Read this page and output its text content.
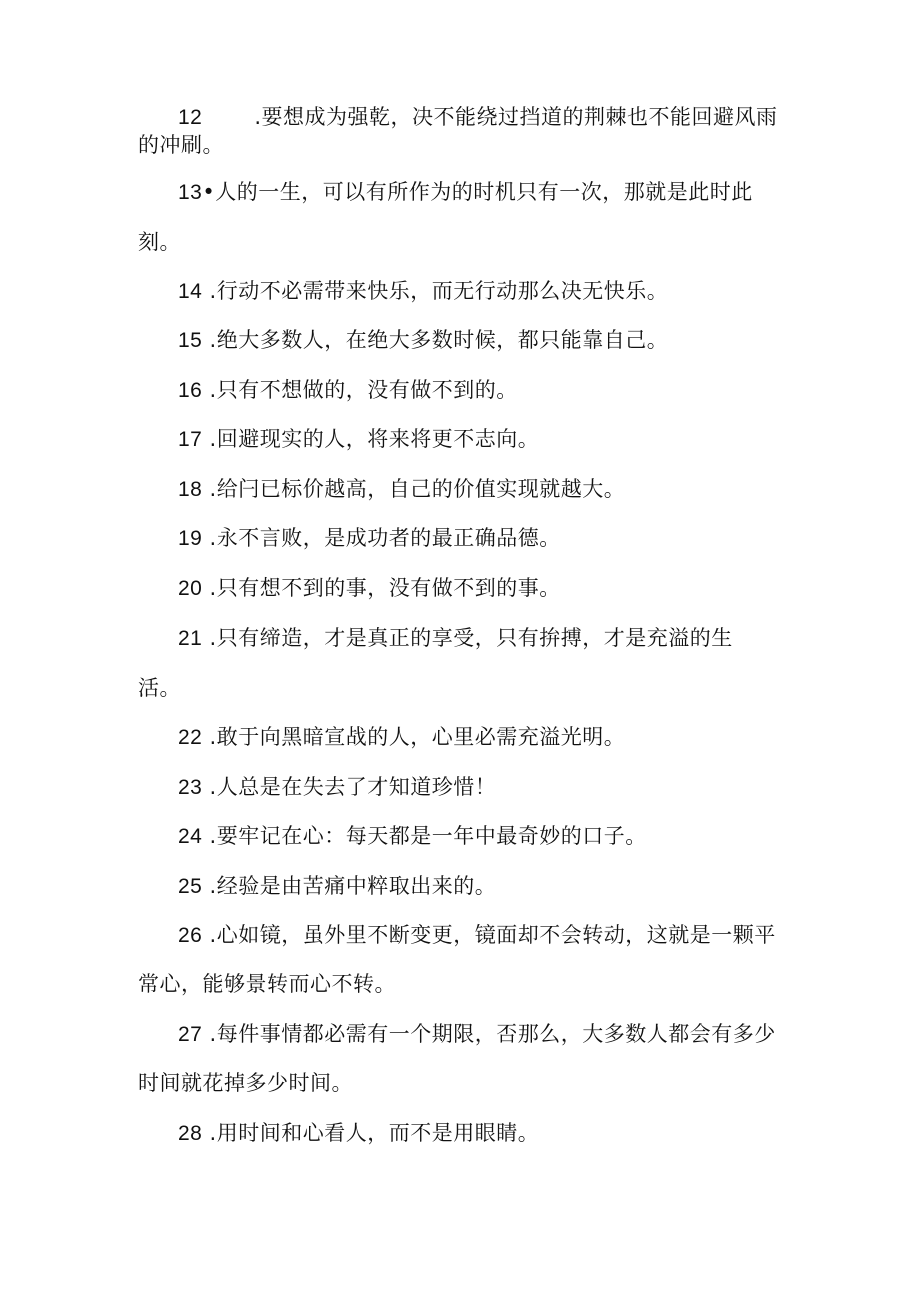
12 .要想成为强乾，决不能绕过挡道的荆棘也不能回避风雨
的冲刷。
13•人的一生，可以有所作为的时机只有一次，那就是此时此
刻。
14 .行动不必需带来快乐，而无行动那么决无快乐。
15 .绝大多数人，在绝大多数时候，都只能靠自己。
16 .只有不想做的，没有做不到的。
17 .回避现实的人，将来将更不志向。
18 .给闩已标价越高，自己的价值实现就越大。
19 .永不言败，是成功者的最正确品德。
20 .只有想不到的事，没有做不到的事。
21 .只有缔造，才是真正的享受，只有拚搏，才是充溢的生
活。
22 .敢于向黑暗宣战的人，心里必需充溢光明。
23 .人总是在失去了才知道珍惜！
24 .要牢记在心：每天都是一年中最奇妙的口子。
25 .经验是由苦痛中粹取出来的。
26 .心如镜，虽外里不断变更，镜面却不会转动，这就是一颗平
常心，能够景转而心不转。
27 .每件事情都必需有一个期限，否那么，大多数人都会有多少
时间就花掉多少时间。
28 .用时间和心看人，而不是用眼睛。
